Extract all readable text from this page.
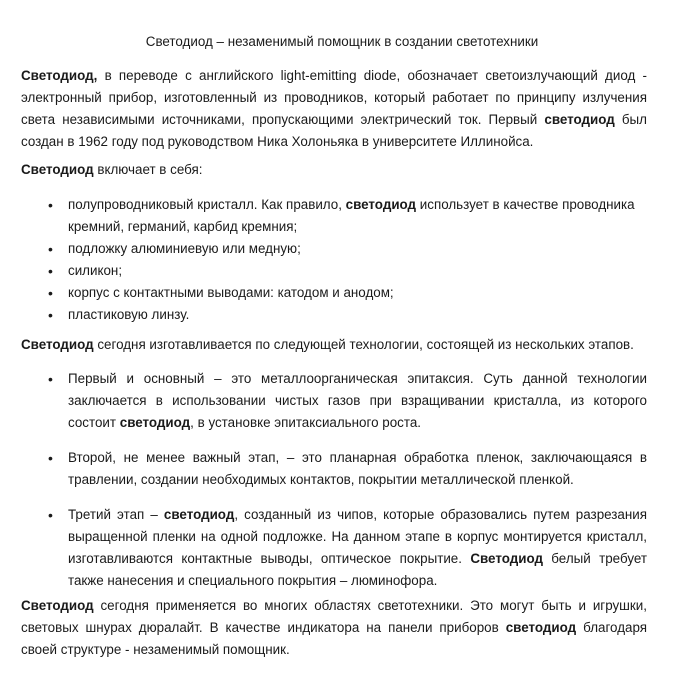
Светодиод – незаменимый помощник в создании светотехники

Светодиод, в переводе с английского light-emitting diode, обозначает светоизлучающий диод - электронный прибор, изготовленный из проводников, который работает по принципу излучения света независимыми источниками, пропускающими электрический ток. Первый светодиод был создан в 1962 году под руководством Ника Холоньяка в университете Иллинойса.

Светодиод включает в себя:

• полупроводниковый кристалл. Как правило, светодиод использует в качестве проводника кремний, германий, карбид кремния;
• подложку алюминиевую или медную;
• силикон;
• корпус с контактными выводами: катодом и анодом;
• пластиковую линзу.

Светодиод сегодня изготавливается по следующей технологии, состоящей из нескольких этапов.

• Первый и основный – это металлоорганическая эпитаксия. Суть данной технологии заключается в использовании чистых газов при взращивании кристалла, из которого состоит светодиод, в установке эпитаксиального роста.
• Второй, не менее важный этап, – это планарная обработка пленок, заключающаяся в травлении, создании необходимых контактов, покрытии металлической пленкой.
• Третий этап – светодиод, созданный из чипов, которые образовались путем разрезания выращенной пленки на одной подложке. На данном этапе в корпус монтируется кристалл, изготавливаются контактные выводы, оптическое покрытие. Светодиод белый требует также нанесения и специального покрытия – люминофора.

Светодиод сегодня применяется во многих областях светотехники. Это могут быть и игрушки, световых шнурах дюралайт. В качестве индикатора на панели приборов светодиод благодаря своей структуре - незаменимый помощник.
